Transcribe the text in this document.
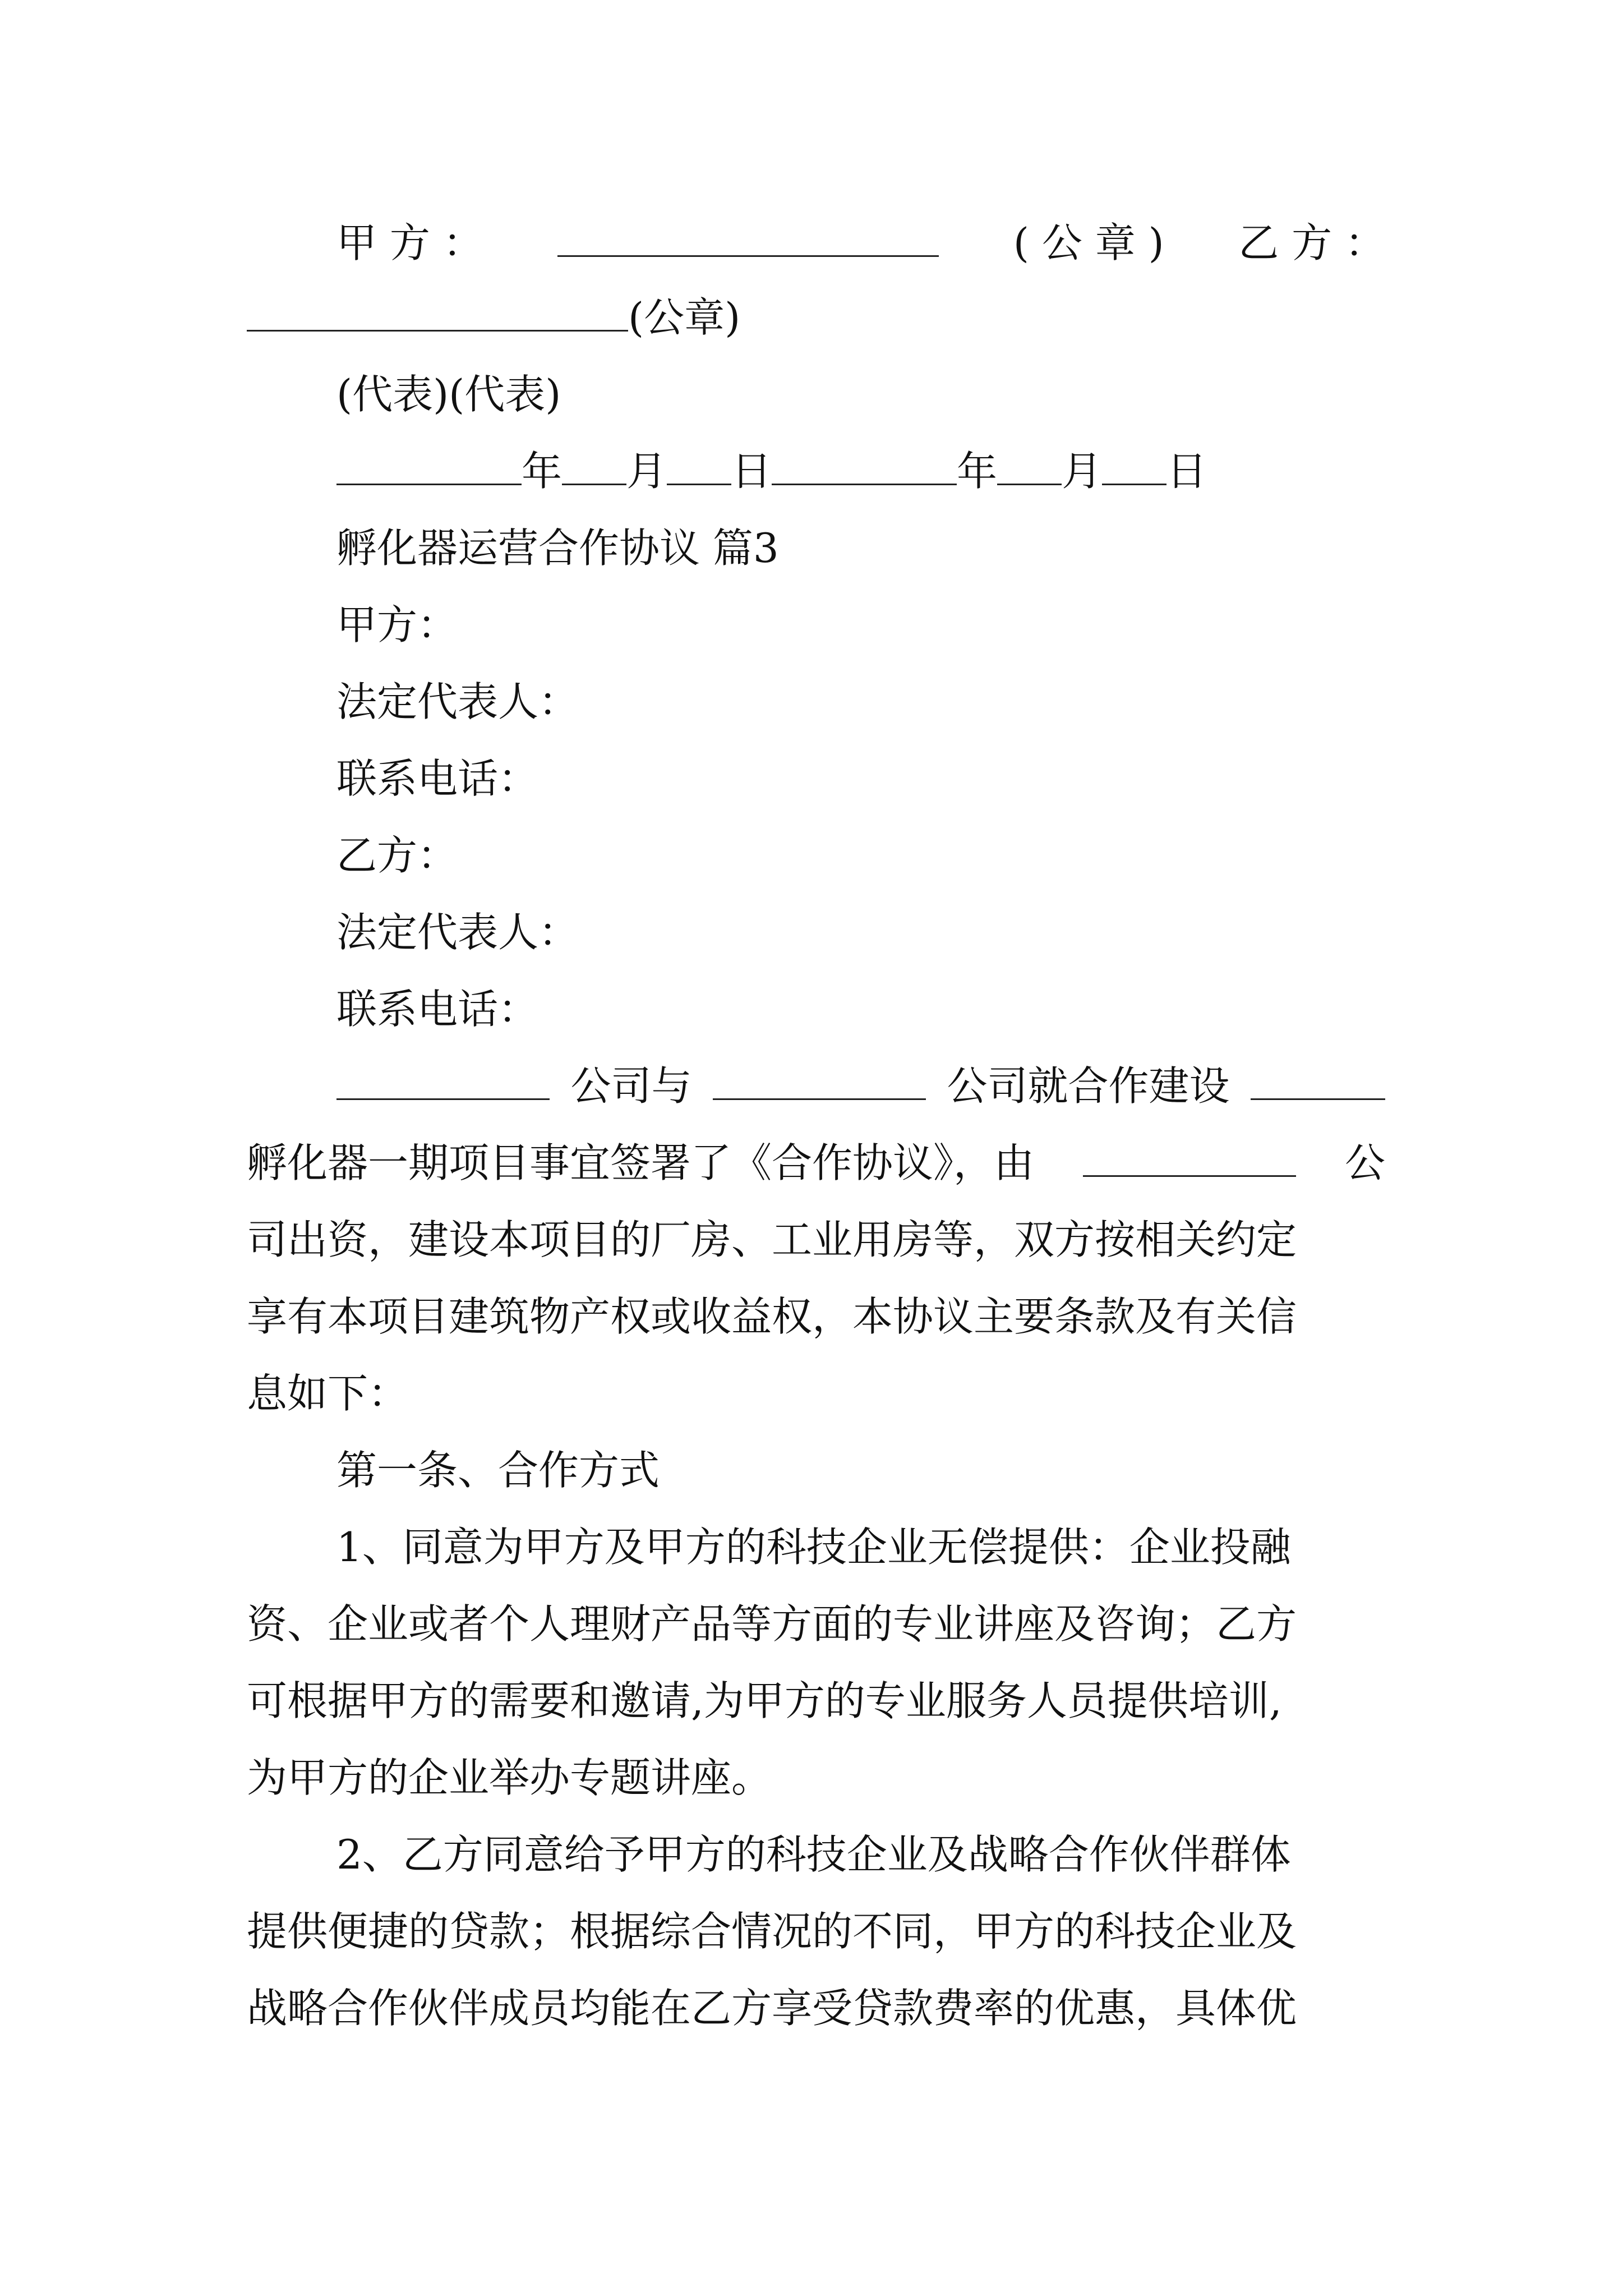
甲 方 ：	( 公 章 ) 乙 方 ：
(公章)
(代表)(代表)
年 月 日	年 月 日
孵化器运营合作协议 篇3
甲方：
法定代表人：
联系电话：
乙方：
法定代表人：
联系电话：
公司与	公司就合作建设
孵化器一期项目事宜签署了《合作协议》，由	公
司出资，建设本项目的厂房、工业用房等，双方按相关约定
享有本项目建筑物产权或收益权，本协议主要条款及有关信
息如下：
第一条、合作方式
1、同意为甲方及甲方的科技企业无偿提供：企业投融
资、企业或者个人理财产品等方面的专业讲座及咨询；乙方
可根据甲方的需要和邀请,为甲方的专业服务人员提供培训,
为甲方的企业举办专题讲座。
2、乙方同意给予甲方的科技企业及战略合作伙伴群体
提供便捷的贷款；根据综合情况的不同，甲方的科技企业及
战略合作伙伴成员均能在乙方享受贷款费率的优惠，具体优
